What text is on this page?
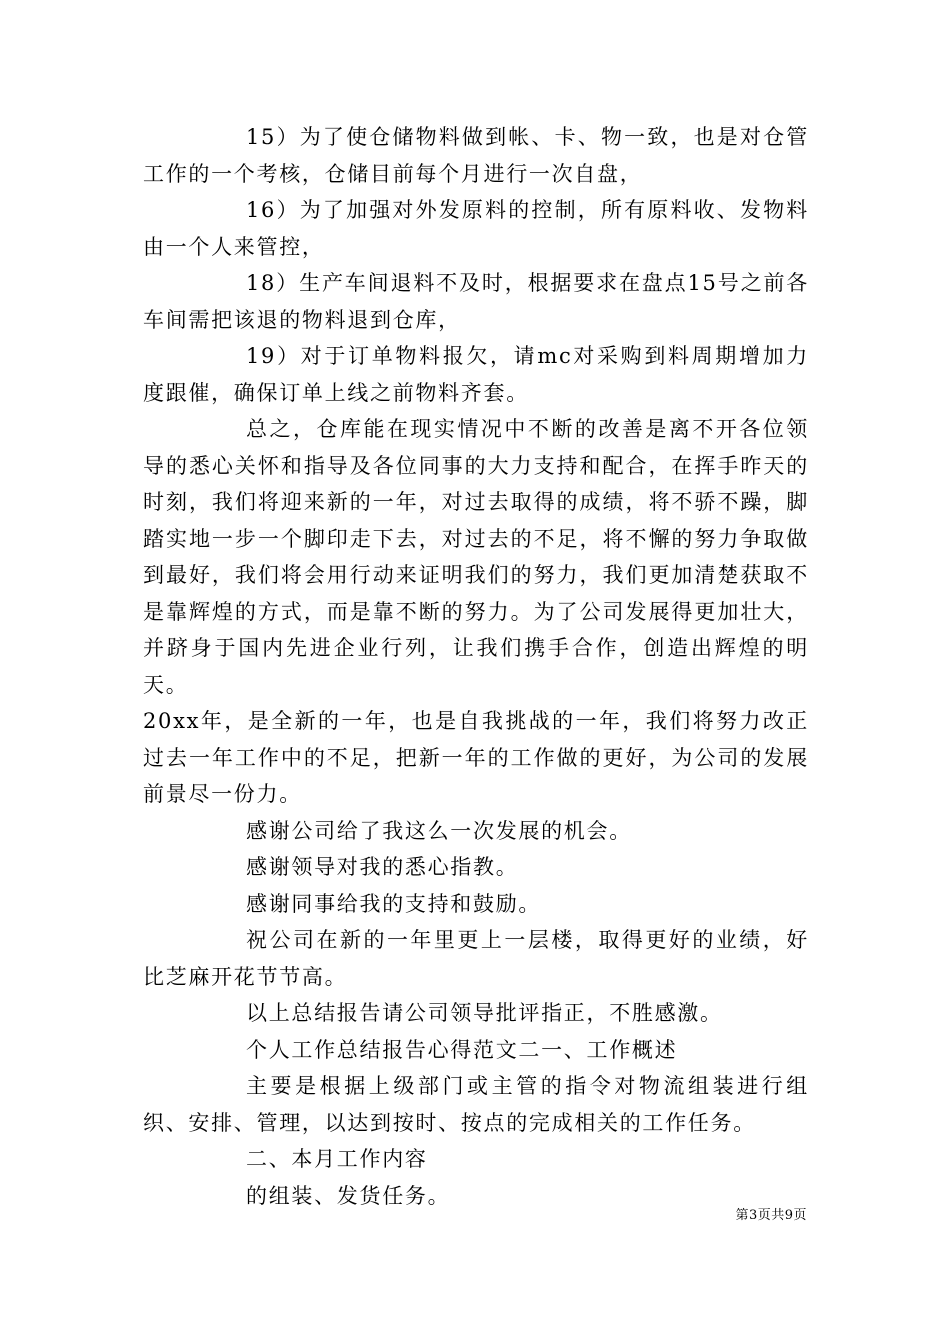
15）为了使仓储物料做到帐、卡、物一致，也是对仓管工作的一个考核，仓储目前每个月进行一次自盘，

16）为了加强对外发原料的控制，所有原料收、发物料由一个人来管控，

18）生产车间退料不及时，根据要求在盘点15号之前各车间需把该退的物料退到仓库，

19）对于订单物料报欠，请mc对采购到料周期增加力度跟催，确保订单上线之前物料齐套。

总之，仓库能在现实情况中不断的改善是离不开各位领导的悉心关怀和指导及各位同事的大力支持和配合，在挥手昨天的时刻，我们将迎来新的一年，对过去取得的成绩，将不骄不躁，脚踏实地一步一个脚印走下去，对过去的不足，将不懈的努力争取做到最好，我们将会用行动来证明我们的努力，我们更加清楚获取不是靠辉煌的方式，而是靠不断的努力。为了公司发展得更加壮大，并跻身于国内先进企业行列，让我们携手合作，创造出辉煌的明天。

20xx年，是全新的一年，也是自我挑战的一年，我们将努力改正过去一年工作中的不足，把新一年的工作做的更好，为公司的发展前景尽一份力。

感谢公司给了我这么一次发展的机会。

感谢领导对我的悉心指教。

感谢同事给我的支持和鼓励。

祝公司在新的一年里更上一层楼，取得更好的业绩，好比芝麻开花节节高。

以上总结报告请公司领导批评指正，不胜感激。

个人工作总结报告心得范文二一、工作概述

主要是根据上级部门或主管的指令对物流组装进行组织、安排、管理，以达到按时、按点的完成相关的工作任务。

二、本月工作内容

的组装、发货任务。

第3页共9页
